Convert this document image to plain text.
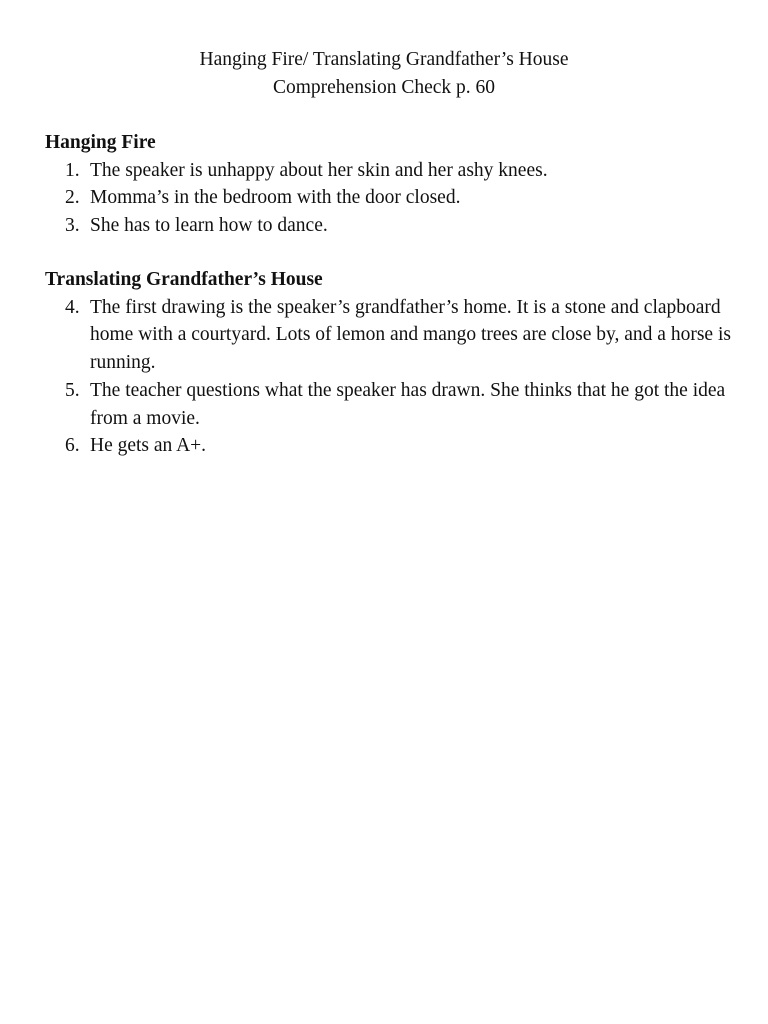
Hanging Fire/ Translating Grandfather’s House
Comprehension Check p. 60
Hanging Fire
1. The speaker is unhappy about her skin and her ashy knees.
2. Momma’s in the bedroom with the door closed.
3. She has to learn how to dance.
Translating Grandfather’s House
4. The first drawing is the speaker’s grandfather’s home. It is a stone and clapboard home with a courtyard. Lots of lemon and mango trees are close by, and a horse is running.
5. The teacher questions what the speaker has drawn. She thinks that he got the idea from a movie.
6. He gets an A+.
